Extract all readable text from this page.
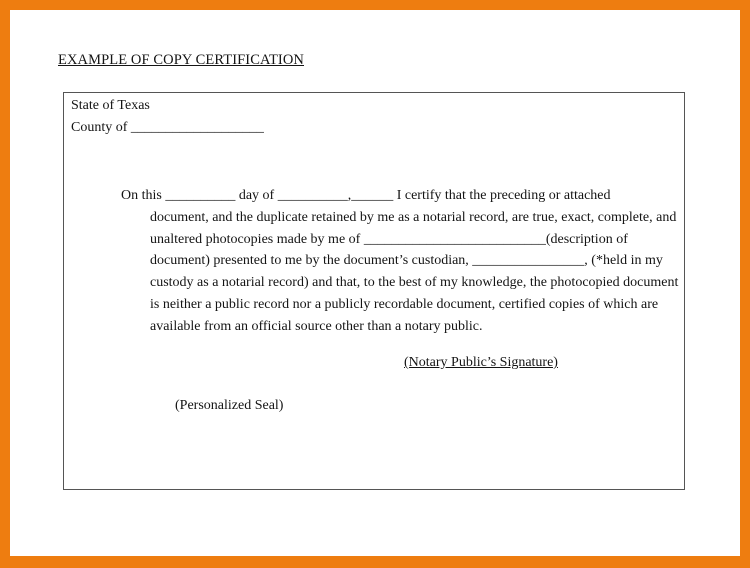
EXAMPLE OF COPY CERTIFICATION
State of Texas
County of ___________________
On this __________ day of __________,______ I certify that the preceding or attached
document, and the duplicate retained by me as a notarial record, are true, exact, complete, and
unaltered photocopies made by me of __________________________(description of
document) presented to me by the document’s custodian, ________________, (*held in my
custody as a notarial record) and that, to the best of my knowledge, the photocopied document
is neither a public record nor a publicly recordable document, certified copies of which are
available from an official source other than a notary public.
(Notary Public’s Signature)
(Personalized Seal)
